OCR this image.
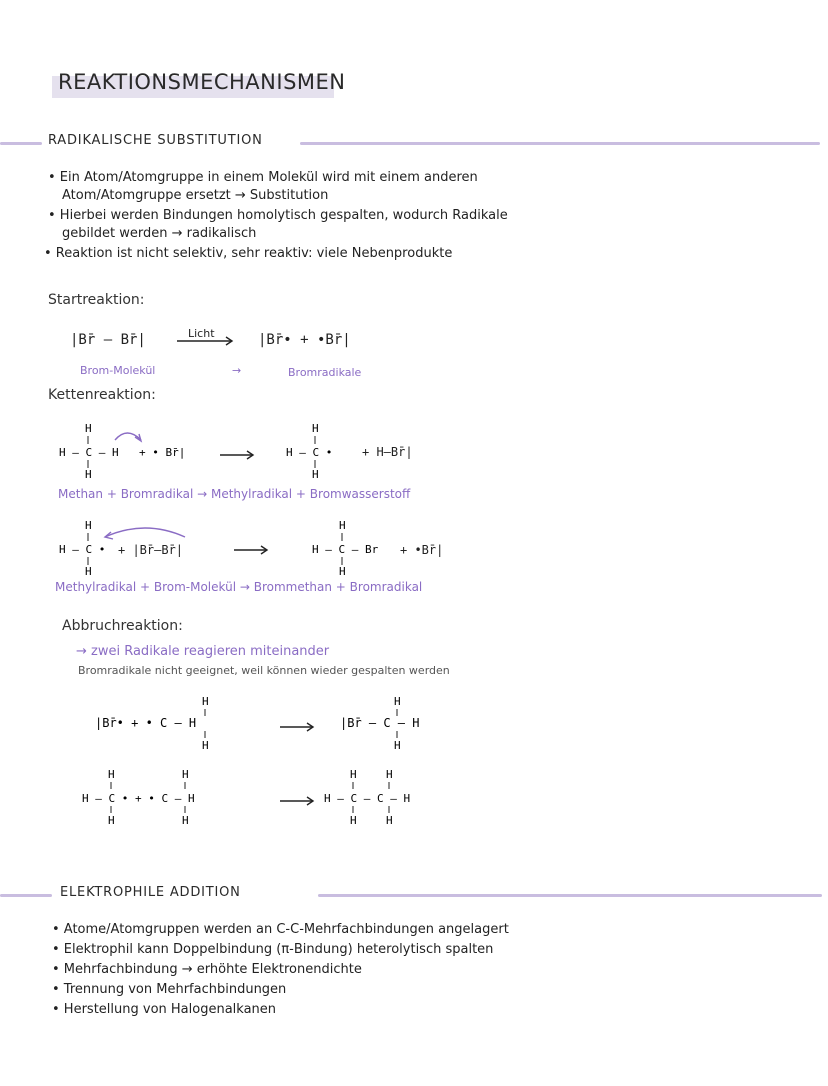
REAKTIONSMECHANISMEN
RADIKALISCHE SUBSTITUTION
• Ein Atom/Atomgruppe in einem Molekül wird mit einem anderen
Atom/Atomgruppe ersetzt → Substitution
• Hierbei werden Bindungen homolytisch gespalten, wodurch Radikale
gebildet werden → radikalisch
• Reaktion ist nicht selektiv, sehr reaktiv: viele Nebenprodukte
Startreaktion:
|Br̄ — Br̄|	Licht → |Br̄• + •Br̄|
Brom-Molekül	→	Bromradikale
Kettenreaktion:
H
H – C – H
H
+ • Br̄|
H
H – C •
H
+ H–Br̄|
Methan + Bromradikal → Methylradikal + Bromwasserstoff
H
H – C •
H
+ |Br̄–Br̄|
H
H – C – Br
H
+ •Br̄|
Methylradikal + Brom-Molekül → Brommethan + Bromradikal
Abbruchreaktion:
→ zwei Radikale reagieren miteinander
Bromradikale nicht geeignet, weil können wieder gespalten werden
|Br̄• + • C – H
H
H
→ |Br̄ – C – H
H
H
H
H – C • + • C – H
H
H
H
H	H
H – C – C – H
H	H
ELEKTROPHILE ADDITION
• Atome/Atomgruppen werden an C-C-Mehrfachbindungen angelagert
• Elektrophil kann Doppelbindung (π-Bindung) heterolytisch spalten
• Mehrfachbindung → erhöhte Elektronendichte
• Trennung von Mehrfachbindungen
• Herstellung von Halogenalkanen
